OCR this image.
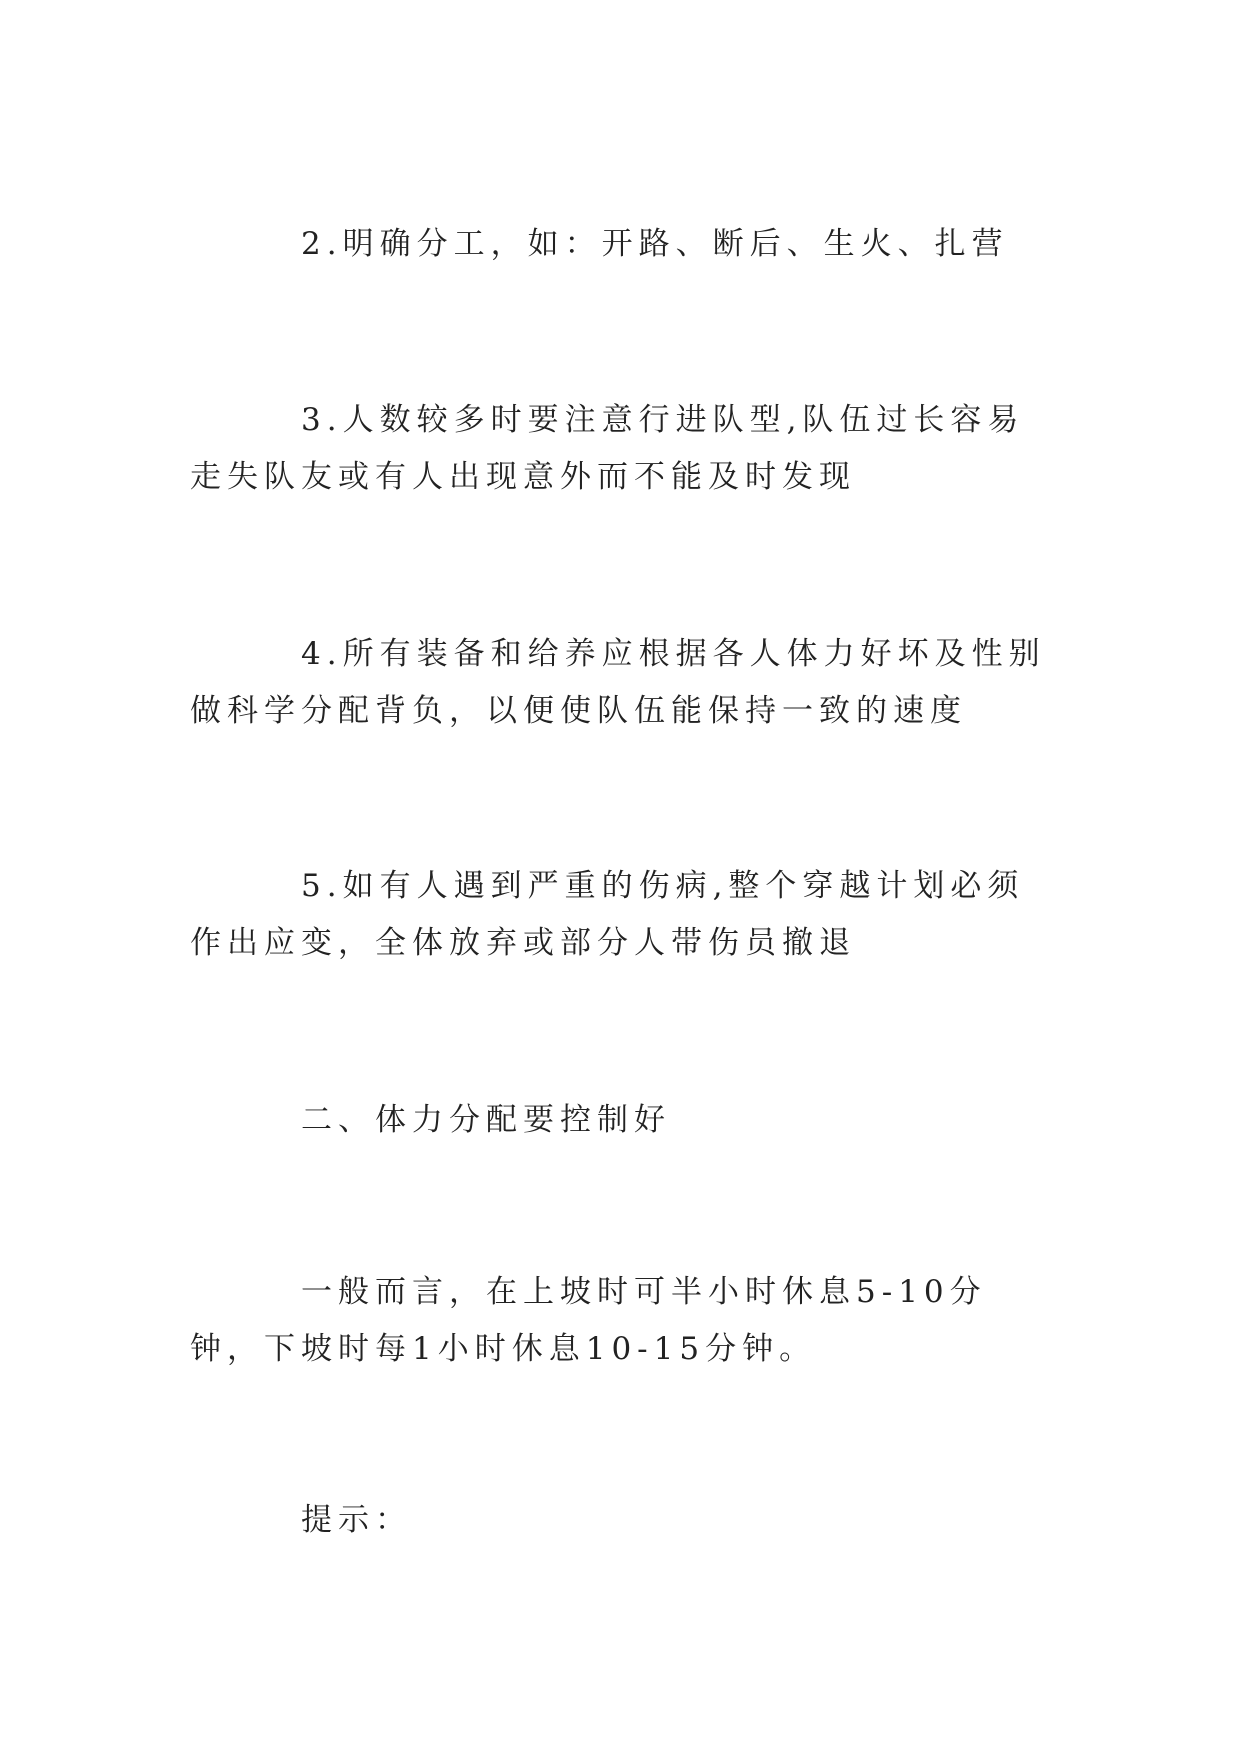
2.明确分工，如：开路、断后、生火、扎营

3.人数较多时要注意行进队型,队伍过长容易走失队友或有人出现意外而不能及时发现

4.所有装备和给养应根据各人体力好坏及性别做科学分配背负，以便使队伍能保持一致的速度

5.如有人遇到严重的伤病,整个穿越计划必须作出应变，全体放弃或部分人带伤员撤退

二、体力分配要控制好

一般而言，在上坡时可半小时休息5-10分钟，下坡时每1小时休息10-15分钟。

提示：
